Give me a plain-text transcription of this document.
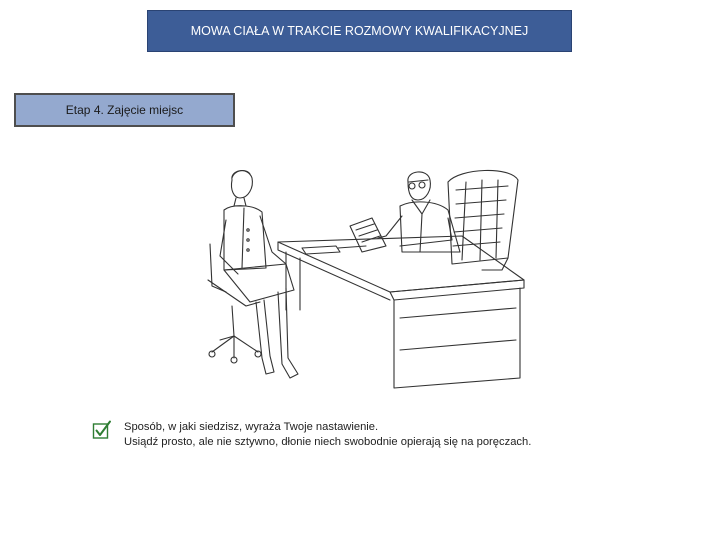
MOWA CIAŁA W TRAKCIE ROZMOWY KWALIFIKACYJNEJ
Etap 4. Zajęcie miejsc
Sposób, w jaki siedzisz, wyraża Twoje nastawienie.
Usiądź prosto, ale nie sztywno, dłonie niech swobodnie opierają się na poręczach.
